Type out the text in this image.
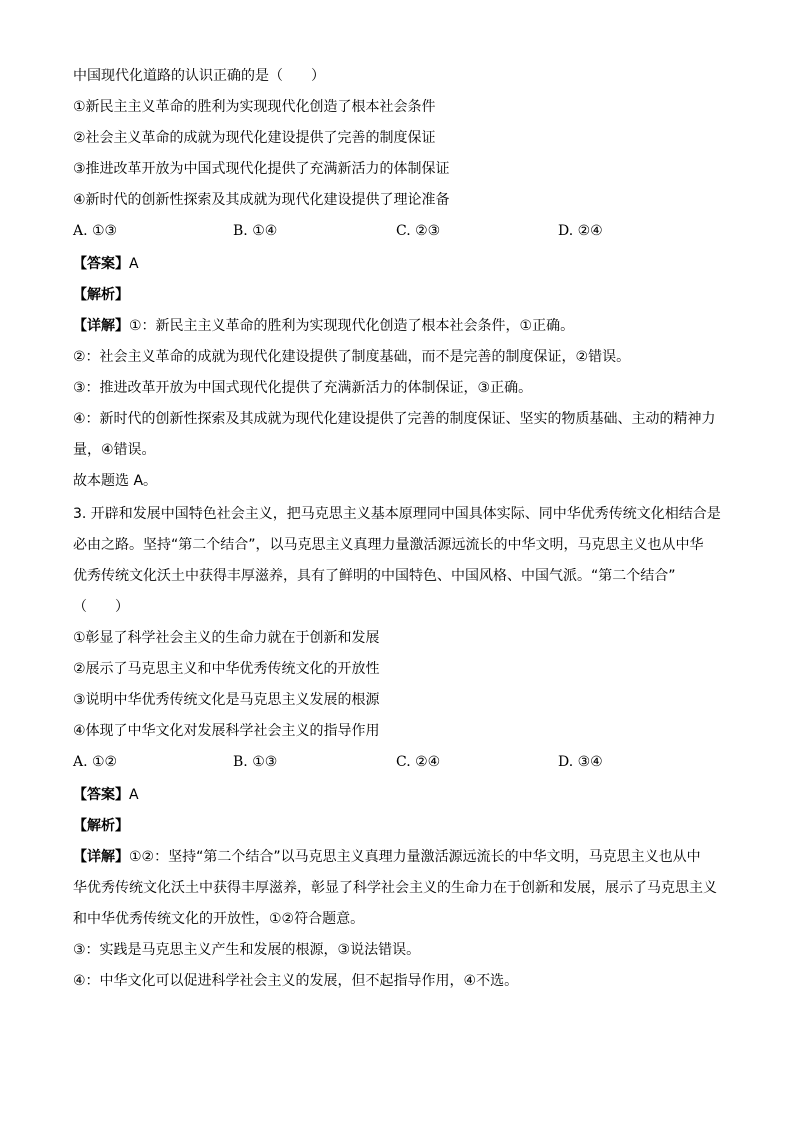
中国现代化道路的认识正确的是（　　）
①新民主主义革命的胜利为实现现代化创造了根本社会条件
②社会主义革命的成就为现代化建设提供了完善的制度保证
③推进改革开放为中国式现代化提供了充满新活力的体制保证
④新时代的创新性探索及其成就为现代化建设提供了理论准备
A. ①③	B. ①④	C. ②③	D. ②④
【答案】A
【解析】
【详解】①：新民主主义革命的胜利为实现现代化创造了根本社会条件，①正确。
②：社会主义革命的成就为现代化建设提供了制度基础，而不是完善的制度保证，②错误。
③：推进改革开放为中国式现代化提供了充满新活力的体制保证，③正确。
④：新时代的创新性探索及其成就为现代化建设提供了完善的制度保证、坚实的物质基础、主动的精神力
量，④错误。
故本题选 A。
3. 开辟和发展中国特色社会主义，把马克思主义基本原理同中国具体实际、同中华优秀传统文化相结合是
必由之路。坚持“第二个结合”，以马克思主义真理力量激活源远流长的中华文明，马克思主义也从中华
优秀传统文化沃土中获得丰厚滋养，具有了鲜明的中国特色、中国风格、中国气派。“第二个结合”
（　　）
①彰显了科学社会主义的生命力就在于创新和发展
②展示了马克思主义和中华优秀传统文化的开放性
③说明中华优秀传统文化是马克思主义发展的根源
④体现了中华文化对发展科学社会主义的指导作用
A. ①②	B. ①③	C. ②④	D. ③④
【答案】A
【解析】
【详解】①②：坚持“第二个结合”以马克思主义真理力量激活源远流长的中华文明，马克思主义也从中
华优秀传统文化沃土中获得丰厚滋养，彰显了科学社会主义的生命力在于创新和发展，展示了马克思主义
和中华优秀传统文化的开放性，①②符合题意。
③：实践是马克思主义产生和发展的根源，③说法错误。
④：中华文化可以促进科学社会主义的发展，但不起指导作用，④不选。
